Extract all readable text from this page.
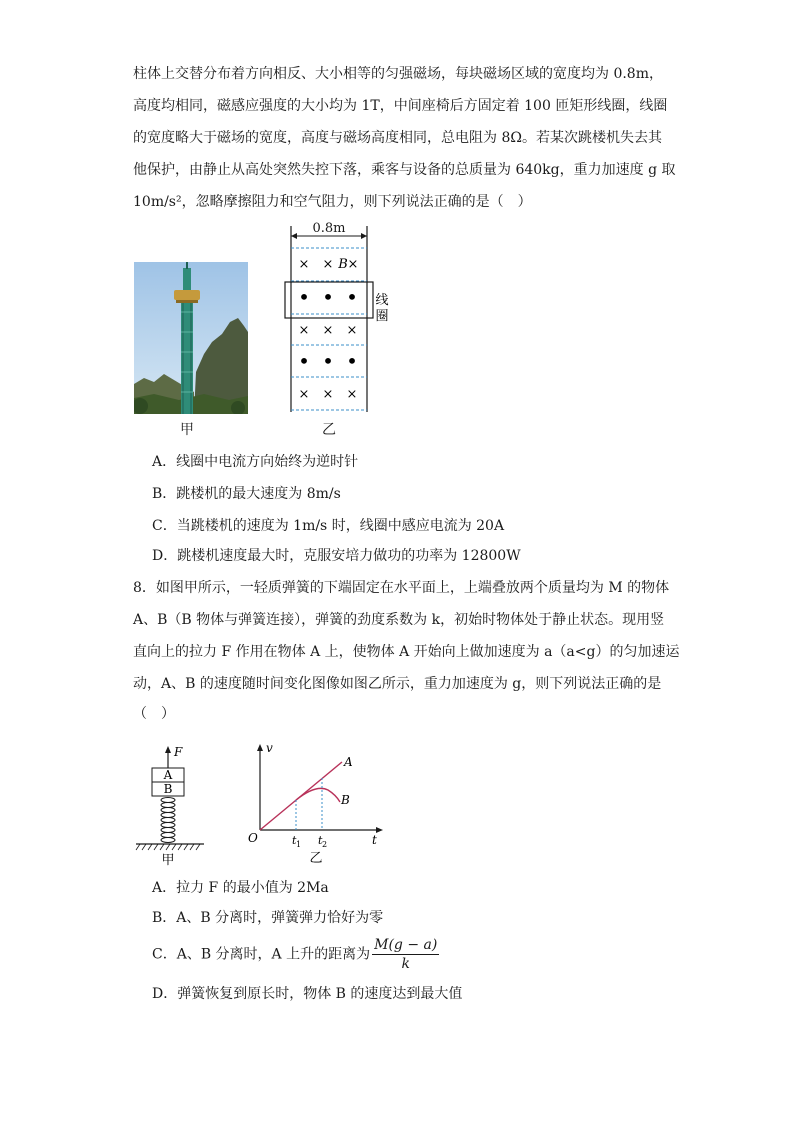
柱体上交替分布着方向相反、大小相等的匀强磁场，每块磁场区域的宽度均为 0.8m，
高度均相同，磁感应强度的大小均为 1T，中间座椅后方固定着 100 匝矩形线圈，线圈
的宽度略大于磁场的宽度，高度与磁场高度相同，总电阻为 8Ω。若某次跳楼机失去其
他保护，由静止从高处突然失控下落，乘客与设备的总质量为 640kg，重力加速度 g 取
10m/s²，忽略摩擦阻力和空气阻力，则下列说法正确的是（　）
甲
0.8m
× × B ×
• • •
× × ×
• • •
× × ×
线
圈
乙
A．线圈中电流方向始终为逆时针
B．跳楼机的最大速度为 8m/s
C．当跳楼机的速度为 1m/s 时，线圈中感应电流为 20A
D．跳楼机速度最大时，克服安培力做功的功率为 12800W
8．如图甲所示，一轻质弹簧的下端固定在水平面上，上端叠放两个质量均为 M 的物体
A、B（B 物体与弹簧连接），弹簧的劲度系数为 k，初始时物体处于静止状态。现用竖
直向上的拉力 F 作用在物体 A 上，使物体 A 开始向上做加速度为 a（a<g）的匀加速运
动，A、B 的速度随时间变化图像如图乙所示，重力加速度为 g，则下列说法正确的是
（　）
F
A
B
甲
v
t
O
A
B
t 1 t 2
乙
A．拉力 F 的最小值为 2Ma
B．A、B 分离时，弹簧弹力恰好为零
C．A、B 分离时，A 上升的距离为 $\frac{M(g - a)}{k}$
D．弹簧恢复到原长时，物体 B 的速度达到最大值
